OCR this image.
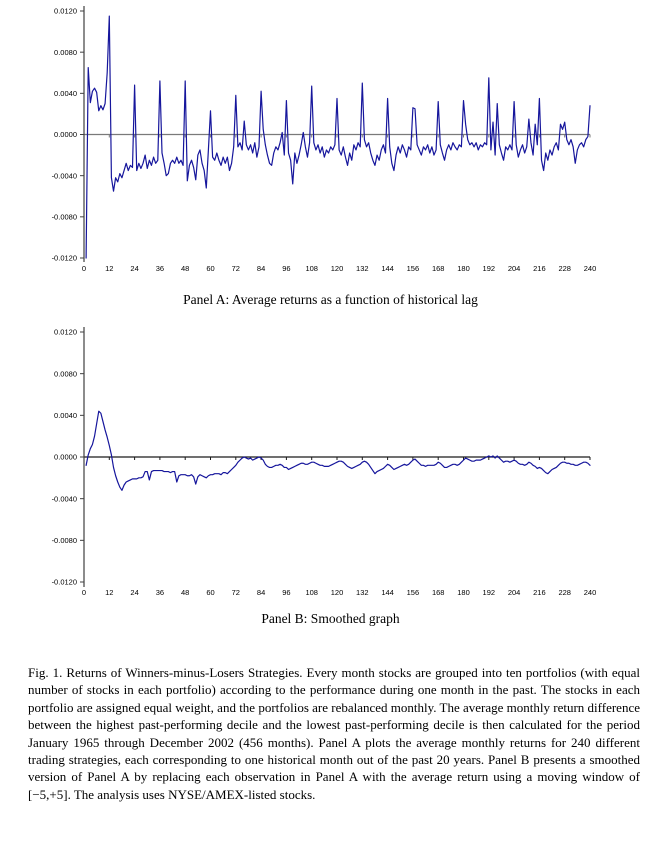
0.0120
0.0080
0.0040
0.0000
-0.0040
-0.0080
-0.0120
0	12 24 36 48 60 72 84 96 108 120 132 144 156 168 180 192 204 216 228 240
Panel A: Average returns as a function of historical lag
0.0120
0.0080
0.0040
0.0000
-0.0040
-0.0080
-0.0120
0	12 24 36 48 60 72 84 96 108 120 132 144 156 168 180 192 204 216 228 240
Panel B: Smoothed graph

Fig. 1. Returns of Winners-minus-Losers Strategies. Every month stocks are grouped into ten portfolios (with equal number of stocks in each portfolio) according to the performance during one month in the past. The stocks in each portfolio are assigned equal weight, and the portfolios are rebalanced monthly. The average monthly return difference between the highest past-performing decile and the lowest past-performing decile is then calculated for the period January 1965 through December 2002 (456 months). Panel A plots the average monthly returns for 240 different trading strategies, each corresponding to one historical month out of the past 20 years. Panel B presents a smoothed version of Panel A by replacing each observation in Panel A with the average return using a moving window of [−5,+5]. The analysis uses NYSE/AMEX-listed stocks.
